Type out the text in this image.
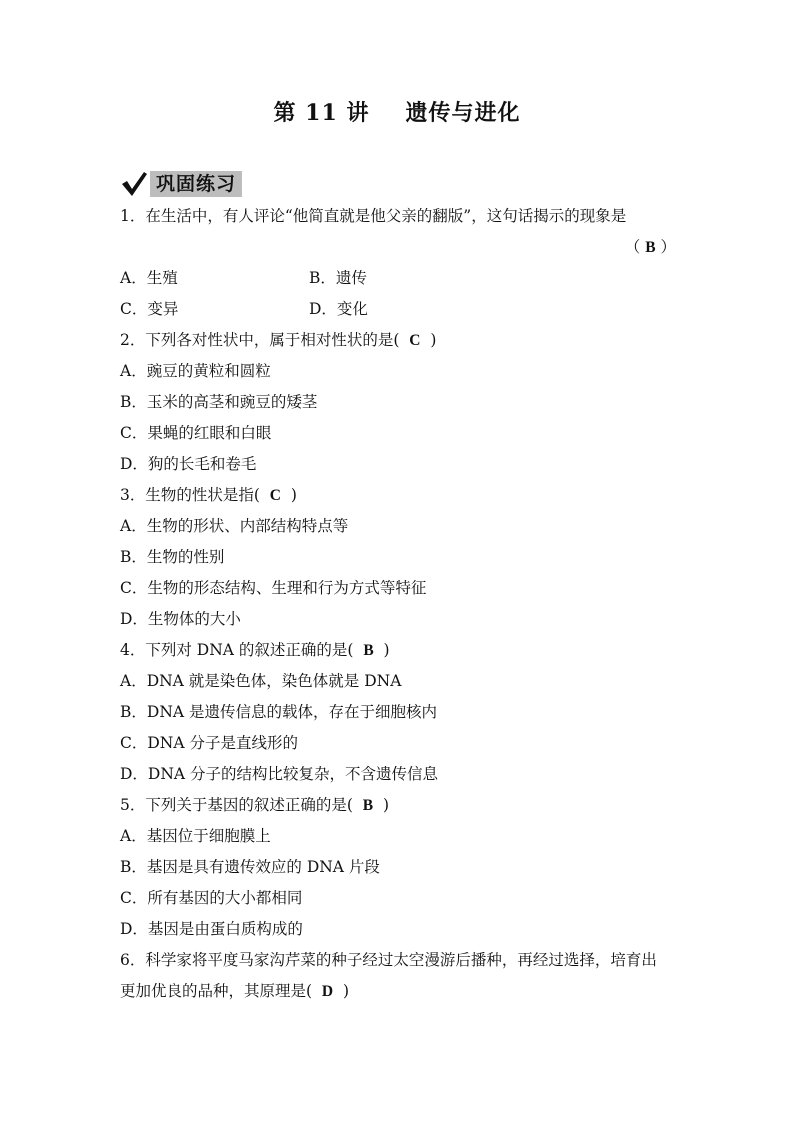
第 11 讲 遗传与进化
巩固练习
1．在生活中，有人评论“他简直就是他父亲的翻版”，这句话揭示的现象是
（ B ）
A．生殖	B．遗传
C．变异	D．变化
2．下列各对性状中，属于相对性状的是( C )
A．豌豆的黄粒和圆粒
B．玉米的高茎和豌豆的矮茎
C．果蝇的红眼和白眼
D．狗的长毛和卷毛
3．生物的性状是指( C )
A．生物的形状、内部结构特点等
B．生物的性别
C．生物的形态结构、生理和行为方式等特征
D．生物体的大小
4．下列对 DNA 的叙述正确的是( B )
A．DNA 就是染色体，染色体就是 DNA
B．DNA 是遗传信息的载体，存在于细胞核内
C．DNA 分子是直线形的
D．DNA 分子的结构比较复杂，不含遗传信息
5．下列关于基因的叙述正确的是( B )
A．基因位于细胞膜上
B．基因是具有遗传效应的 DNA 片段
C．所有基因的大小都相同
D．基因是由蛋白质构成的
6．科学家将平度马家沟芹菜的种子经过太空漫游后播种，再经过选择，培育出
更加优良的品种，其原理是( D )
